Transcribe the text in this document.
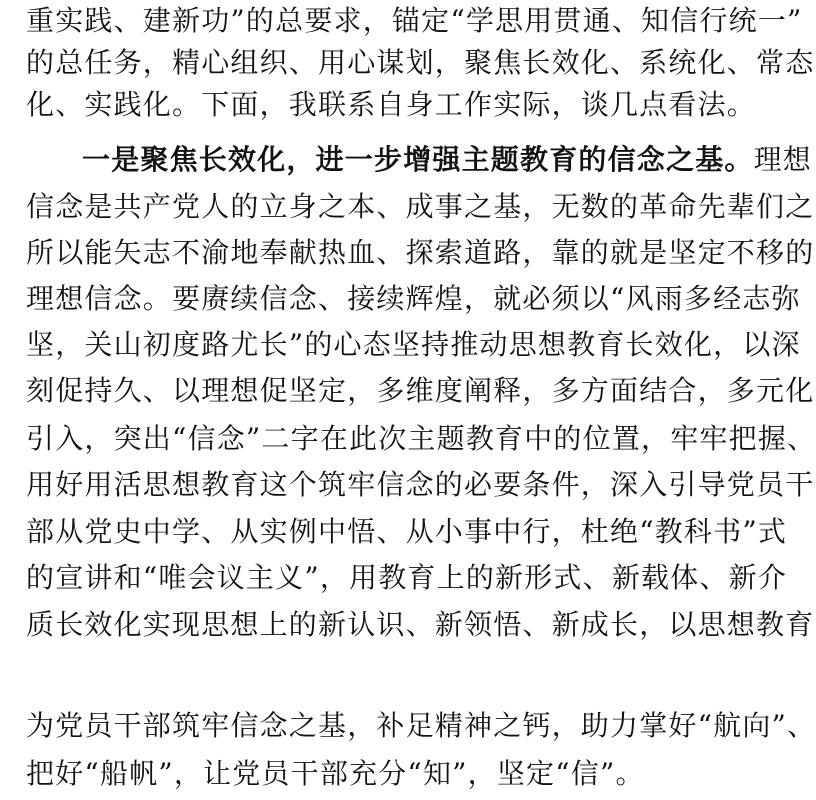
重实践、建新功”的总要求，锚定“学思用贯通、知信行统一”
的总任务，精心组织、用心谋划，聚焦长效化、系统化、常态
化、实践化。下面，我联系自身工作实际，谈几点看法。
一是聚焦长效化，进一步增强主题教育的信念之基。理想
信念是共产党人的立身之本、成事之基，无数的革命先辈们之
所以能矢志不渝地奉献热血、探索道路，靠的就是坚定不移的
理想信念。要赓续信念、接续辉煌，就必须以“风雨多经志弥
坚，关山初度路尤长”的心态坚持推动思想教育长效化，以深
刻促持久、以理想促坚定，多维度阐释，多方面结合，多元化
引入，突出“信念”二字在此次主题教育中的位置，牢牢把握、
用好用活思想教育这个筑牢信念的必要条件，深入引导党员干
部从党史中学、从实例中悟、从小事中行，杜绝“教科书”式
的宣讲和“唯会议主义”，用教育上的新形式、新载体、新介
质长效化实现思想上的新认识、新领悟、新成长，以思想教育
为党员干部筑牢信念之基，补足精神之钙，助力掌好“航向”、
把好“船帆”，让党员干部充分“知”，坚定“信”。
